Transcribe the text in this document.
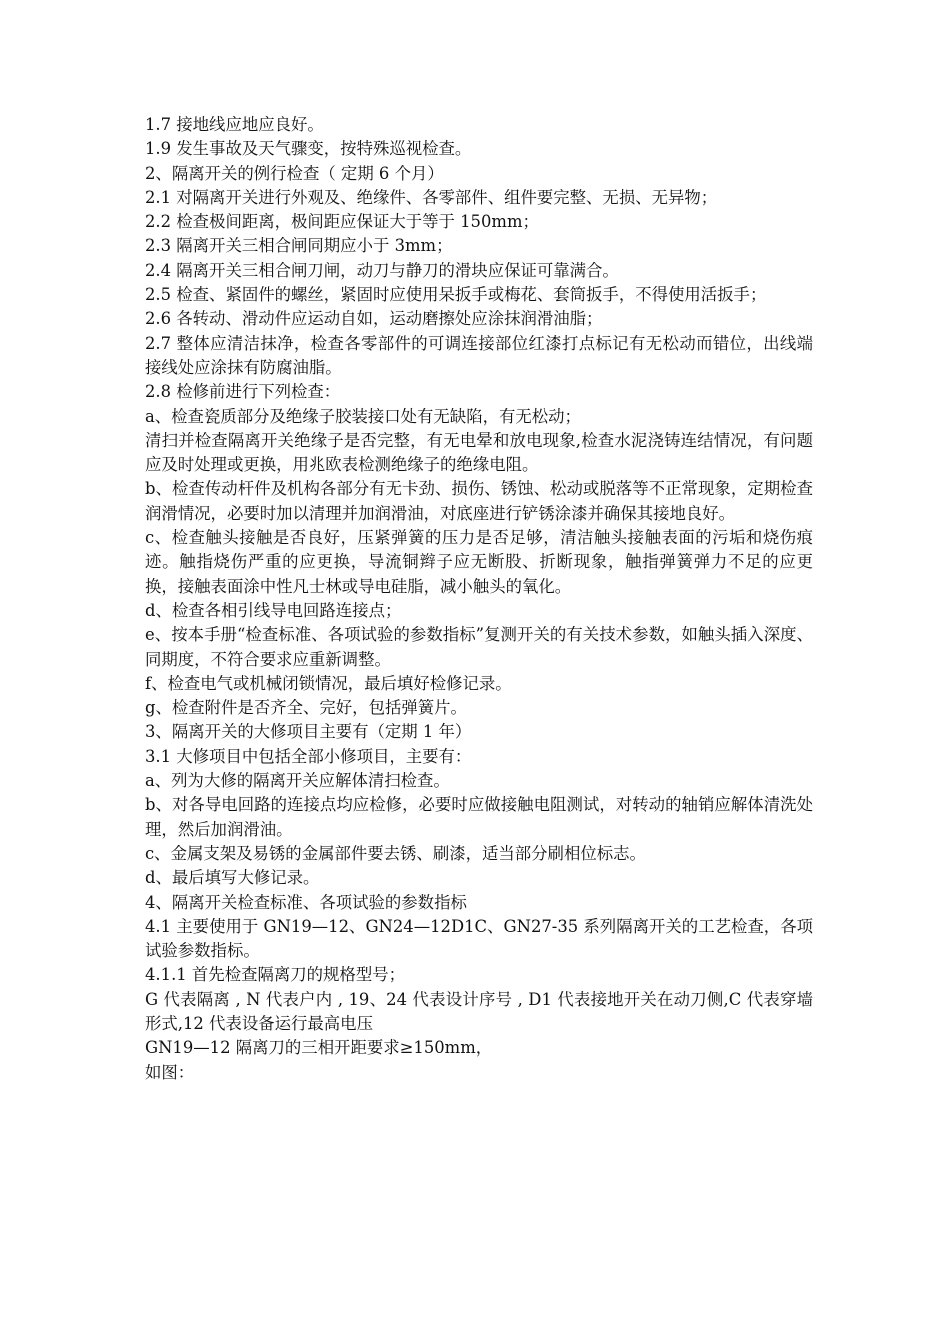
1.7 接地线应地应良好。

1.9 发生事故及天气骤变，按特殊巡视检查。

2、隔离开关的例行检查（ 定期 6 个月）

2.1 对隔离开关进行外观及、绝缘件、各零部件、组件要完整、无损、无异物；

2.2 检查极间距离，极间距应保证大于等于 150mm；

2.3 隔离开关三相合闸同期应小于 3mm；

2.4 隔离开关三相合闸刀闸，动刀与静刀的滑块应保证可靠满合。

2.5 检查、紧固件的螺丝，紧固时应使用呆扳手或梅花、套筒扳手，不得使用活扳手；

2.6 各转动、滑动件应运动自如，运动磨擦处应涂抹润滑油脂；

2.7 整体应清洁抹净，检查各零部件的可调连接部位红漆打点标记有无松动而错位，出线端接线处应涂抹有防腐油脂。

2.8 检修前进行下列检查：

a、检查瓷质部分及绝缘子胶装接口处有无缺陷，有无松动；

清扫并检查隔离开关绝缘子是否完整，有无电晕和放电现象,检查水泥浇铸连结情况，有问题应及时处理或更换，用兆欧表检测绝缘子的绝缘电阻。

b、检查传动杆件及机构各部分有无卡劲、损伤、锈蚀、松动或脱落等不正常现象，定期检查润滑情况，必要时加以清理并加润滑油，对底座进行铲锈涂漆并确保其接地良好。

c、检查触头接触是否良好，压紧弹簧的压力是否足够，清洁触头接触表面的污垢和烧伤痕迹。触指烧伤严重的应更换，导流铜辫子应无断股、折断现象，触指弹簧弹力不足的应更换，接触表面涂中性凡士林或导电硅脂，减小触头的氧化。

d、检查各相引线导电回路连接点；

e、按本手册“检查标准、各项试验的参数指标”复测开关的有关技术参数，如触头插入深度、同期度，不符合要求应重新调整。

f、检查电气或机械闭锁情况，最后填好检修记录。

g、检查附件是否齐全、完好，包括弹簧片。

3、隔离开关的大修项目主要有（定期 1 年）

3.1 大修项目中包括全部小修项目，主要有：

a、列为大修的隔离开关应解体清扫检查。

b、对各导电回路的连接点均应检修，必要时应做接触电阻测试，对转动的轴销应解体清洗处理，然后加润滑油。

c、金属支架及易锈的金属部件要去锈、刷漆，适当部分刷相位标志。

d、最后填写大修记录。

4、隔离开关检查标准、各项试验的参数指标

4.1 主要使用于 GN19—12、GN24—12D1C、GN27-35 系列隔离开关的工艺检查，各项试验参数指标。

4.1.1 首先检查隔离刀的规格型号；

G 代表隔离 , N 代表户内 , 19、24 代表设计序号 , D1 代表接地开关在动刀侧,C 代表穿墙形式,12 代表设备运行最高电压

GN19—12 隔离刀的三相开距要求≥150mm，

如图：
